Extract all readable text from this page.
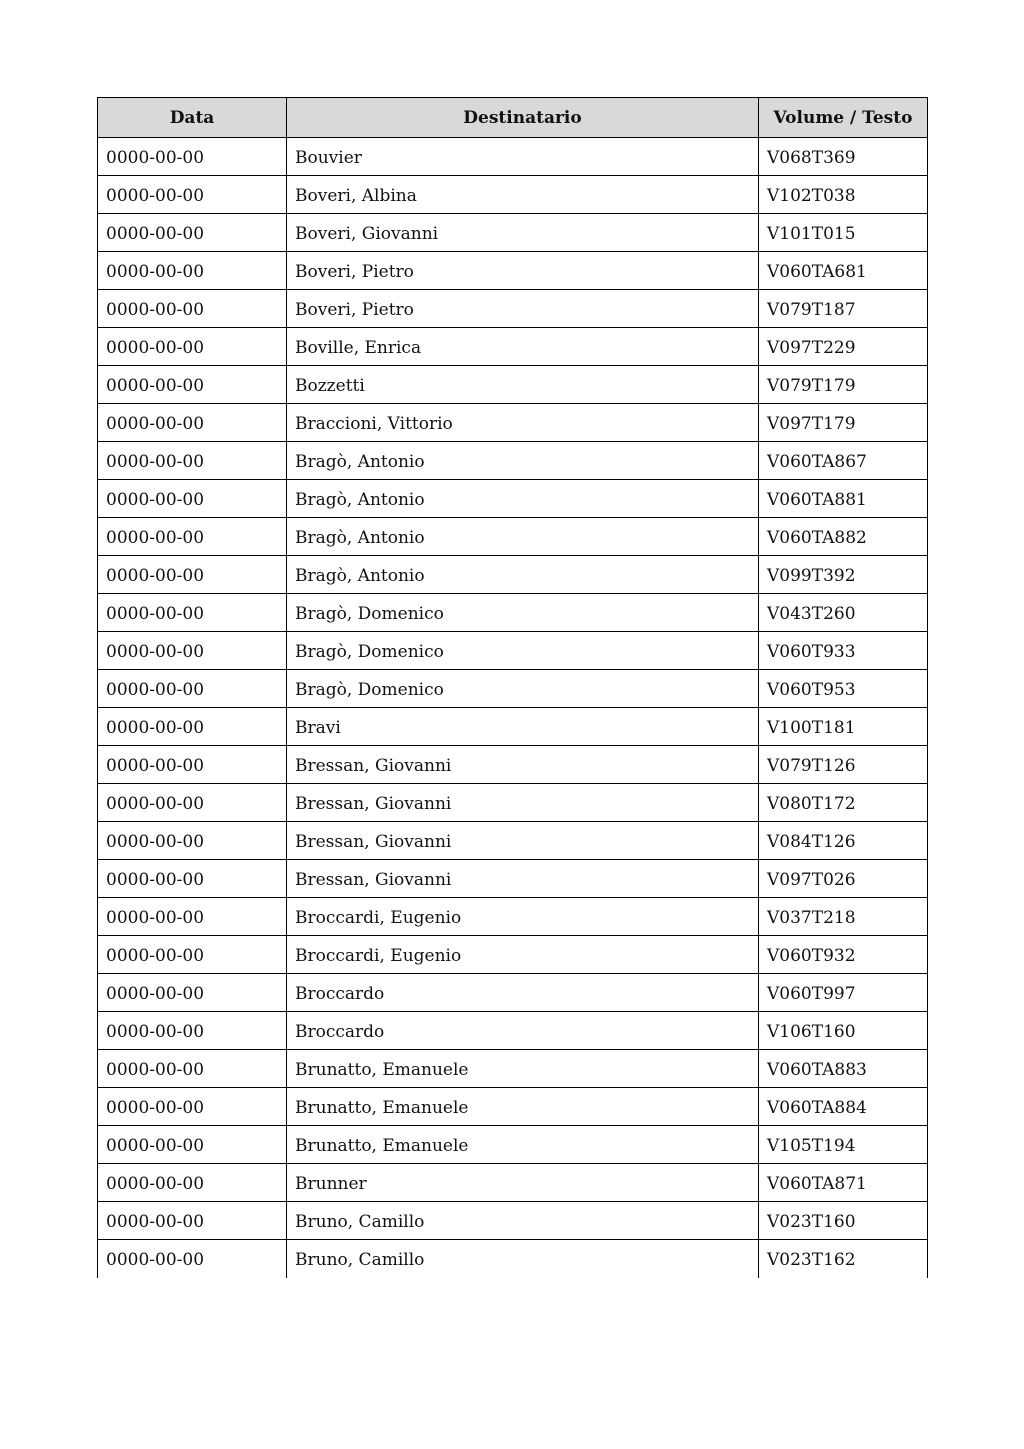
Data	Destinatario	Volume / Testo
0000-00-00	Bouvier	V068T369
0000-00-00	Boveri, Albina	V102T038
0000-00-00	Boveri, Giovanni	V101T015
0000-00-00	Boveri, Pietro	V060TA681
0000-00-00	Boveri, Pietro	V079T187
0000-00-00	Boville, Enrica	V097T229
0000-00-00	Bozzetti	V079T179
0000-00-00	Braccioni, Vittorio	V097T179
0000-00-00	Bragò, Antonio	V060TA867
0000-00-00	Bragò, Antonio	V060TA881
0000-00-00	Bragò, Antonio	V060TA882
0000-00-00	Bragò, Antonio	V099T392
0000-00-00	Bragò, Domenico	V043T260
0000-00-00	Bragò, Domenico	V060T933
0000-00-00	Bragò, Domenico	V060T953
0000-00-00	Bravi	V100T181
0000-00-00	Bressan, Giovanni	V079T126
0000-00-00	Bressan, Giovanni	V080T172
0000-00-00	Bressan, Giovanni	V084T126
0000-00-00	Bressan, Giovanni	V097T026
0000-00-00	Broccardi, Eugenio	V037T218
0000-00-00	Broccardi, Eugenio	V060T932
0000-00-00	Broccardo	V060T997
0000-00-00	Broccardo	V106T160
0000-00-00	Brunatto, Emanuele	V060TA883
0000-00-00	Brunatto, Emanuele	V060TA884
0000-00-00	Brunatto, Emanuele	V105T194
0000-00-00	Brunner	V060TA871
0000-00-00	Bruno, Camillo	V023T160
0000-00-00	Bruno, Camillo	V023T162
